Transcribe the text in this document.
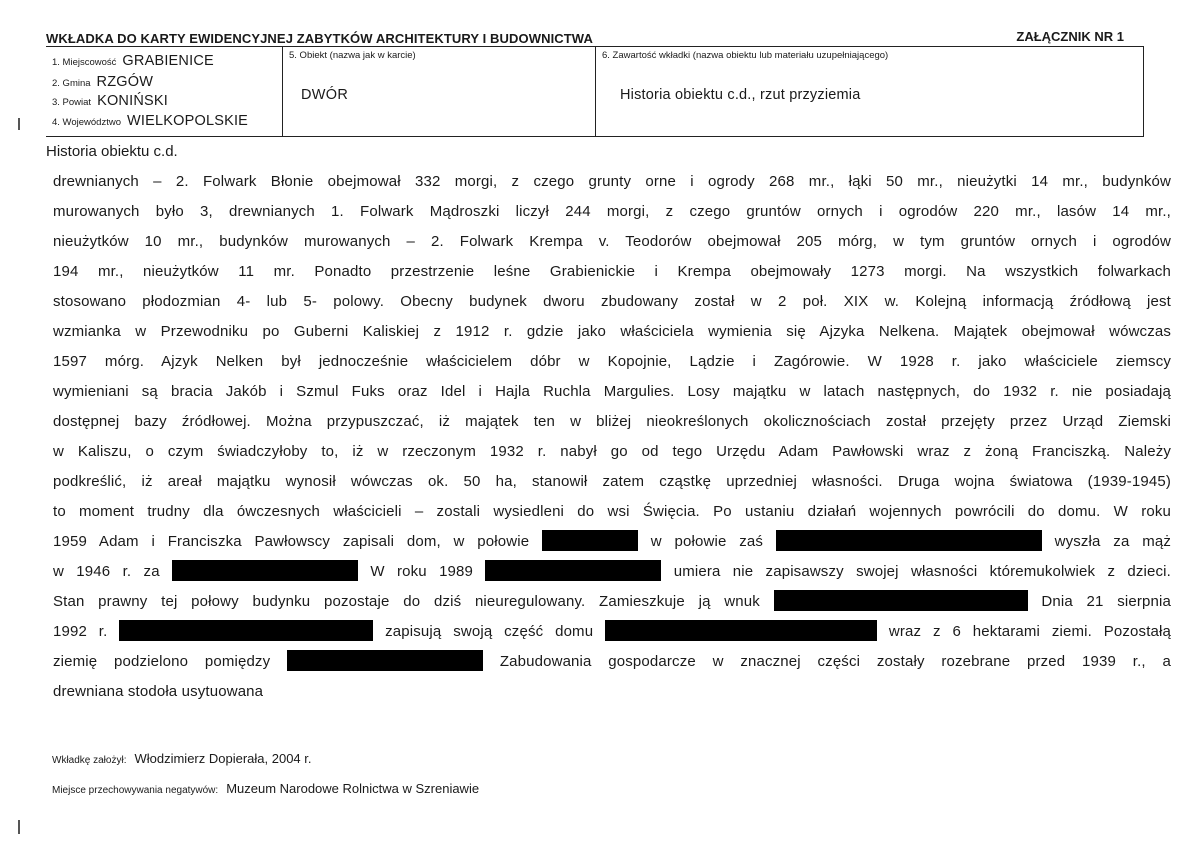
WKŁADKA DO KARTY EWIDENCYJNEJ ZABYTKÓW ARCHITEKTURY I BUDOWNICTWA	ZAŁĄCZNIK NR 1
1. Miejscowość GRABIENICE
2. Gmina RZGÓW
3. Powiat KONIŃSKI
4. Województwo WIELKOPOLSKIE
5. Obiekt (nazwa jak w karcie)
DWÓR
6. Zawartość wkładki (nazwa obiektu lub materiału uzupełniającego)
Historia obiektu c.d., rzut przyziemia
Historia obiektu c.d.
drewnianych – 2. Folwark Błonie obejmował 332 morgi, z czego grunty orne i ogrody 268 mr., łąki 50 mr., nieużytki 14 mr., budynków
murowanych było 3, drewnianych 1. Folwark Mądroszki liczył 244 morgi, z czego gruntów ornych i ogrodów 220 mr., lasów 14 mr.,
nieużytków 10 mr., budynków murowanych – 2. Folwark Krempa v. Teodorów obejmował 205 mórg, w tym gruntów ornych i ogrodów
194 mr., nieużytków 11 mr. Ponadto przestrzenie leśne Grabienickie i Krempa obejmowały 1273 morgi. Na wszystkich folwarkach
stosowano płodozmian 4- lub 5- polowy. Obecny budynek dworu zbudowany został w 2 poł. XIX w. Kolejną informacją źródłową jest
wzmianka w Przewodniku po Guberni Kaliskiej z 1912 r. gdzie jako właściciela wymienia się Ajzyka Nelkena. Majątek obejmował wówczas
1597 mórg. Ajzyk Nelken był jednocześnie właścicielem dóbr w Kopojnie, Lądzie i Zagórowie. W 1928 r. jako właściciele ziemscy
wymieniani są bracia Jakób i Szmul Fuks oraz Idel i Hajla Ruchla Margulies. Losy majątku w latach następnych, do 1932 r. nie posiadają
dostępnej bazy źródłowej. Można przypuszczać, iż majątek ten w bliżej nieokreślonych okolicznościach został przejęty przez Urząd Ziemski
w Kaliszu, o czym świadczyłoby to, iż w rzeczonym 1932 r. nabył go od tego Urzędu Adam Pawłowski wraz z żoną Franciszką. Należy
podkreślić, iż areał majątku wynosił wówczas ok. 50 ha, stanowił zatem cząstkę uprzedniej własności. Druga wojna światowa (1939-1945)
to moment trudny dla ówczesnych właścicieli – zostali wysiedleni do wsi Święcia. Po ustaniu działań wojennych powrócili do domu. W roku
1959 Adam i Franciszka Pawłowscy zapisali dom, w połowie	w połowie zaś	wyszła za mąż
w 1946 r. za	W roku 1989	umiera nie zapisawszy swojej własności któremukolwiek z dzieci.
Stan prawny tej połowy budynku pozostaje do dziś nieuregulowany. Zamieszkuje ją wnuk	Dnia 21 sierpnia
1992 r.	zapisują swoją część domu	wraz z 6 hektarami ziemi. Pozostałą
ziemię podzielono pomiędzy	Zabudowania gospodarcze w znacznej części zostały rozebrane przed 1939 r., a
drewniana stodoła usytuowana
Wkładkę założył: Włodzimierz Dopierała, 2004 r.
Miejsce przechowywania negatywów: Muzeum Narodowe Rolnictwa w Szreniawie
